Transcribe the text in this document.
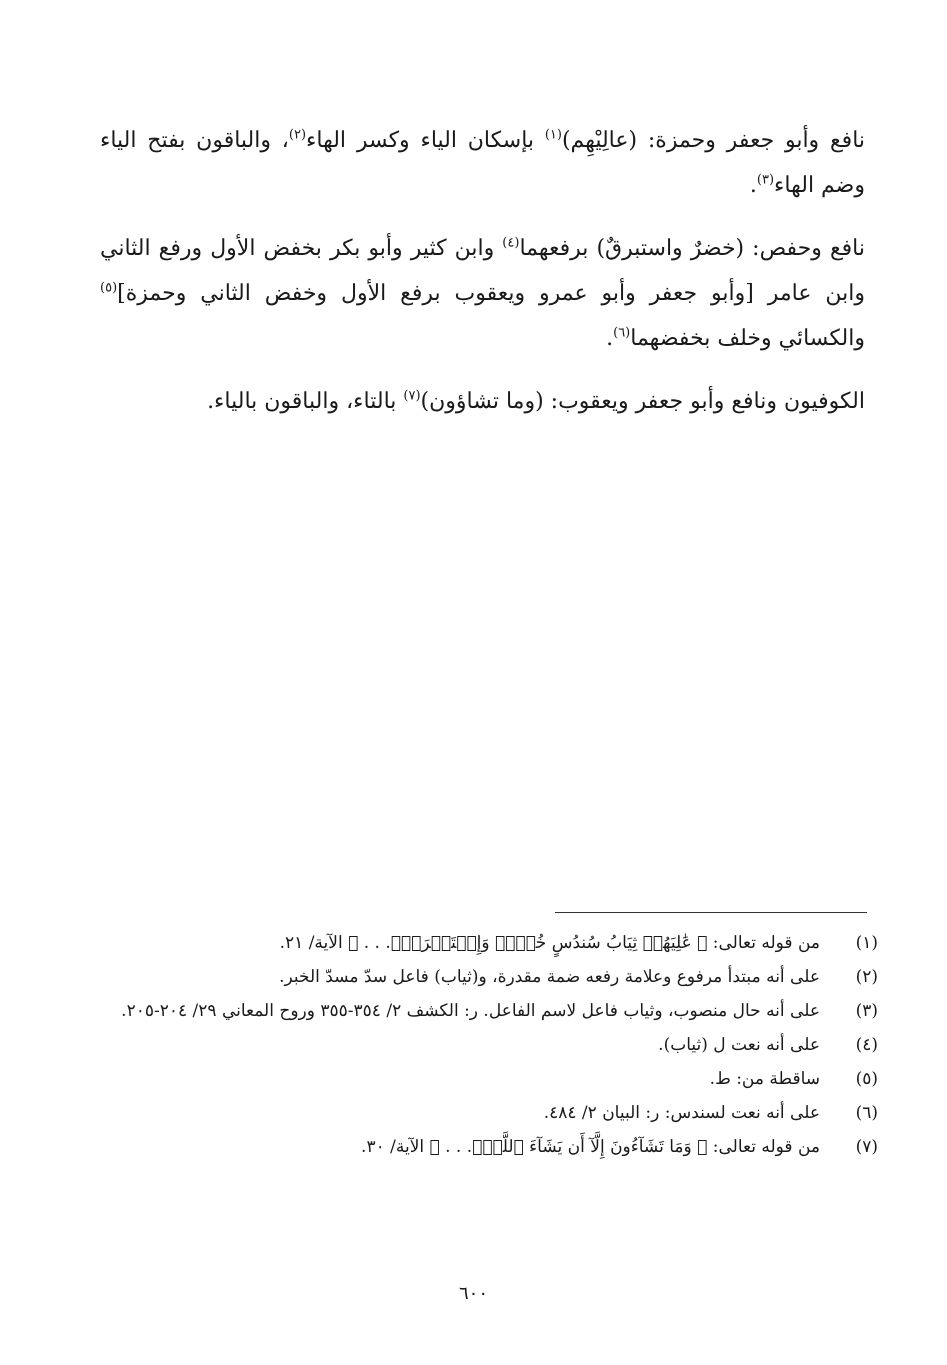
نافع وأبو جعفر وحمزة: (عالِيْهِم)$^{(١)}$ بإسكان الياء وكسر الهاء$^{(٢)}$، والباقون بفتح الياء وضم الهاء$^{(٣)}$.

نافع وحفص: (خضرٌ واستبرقٌ) برفعهما$^{(٤)}$ وابن كثير وأبو بكر بخفض الأول ورفع الثاني وابن عامر [وأبو جعفر وأبو عمرو ويعقوب برفع الأول وخفض الثاني وحمزة]$^{(٥)}$ والكسائي وخلف بخفضهما$^{(٦)}$.

الكوفيون ونافع وأبو جعفر ويعقوب: (وما تشاؤون)$^{(٧)}$ بالتاء، والباقون بالياء.

(١)
من قوله تعالى: ﴿ عَٰلِيَهُمۡ ثِيَابُ سُندُسٍ خُضۡرٞ وَإِسۡتَبۡرَقٞۖ. . . ﴾ الآية/ ٢١.
(٢)
على أنه مبتدأ مرفوع وعلامة رفعه ضمة مقدرة، و(ثياب) فاعل سدّ مسدّ الخبر.
(٣)
على أنه حال منصوب، وثياب فاعل لاسم الفاعل. ر: الكشف ٢/ ٣٥٤-٣٥٥ وروح المعاني ٢٩/ ٢٠٤-٢٠٥.
(٤)
على أنه نعت ل (ثياب).
(٥)
ساقطة من: ط.
(٦)
على أنه نعت لسندس: ر: البيان ٢/ ٤٨٤.
(٧)
من قوله تعالى: ﴿ وَمَا تَشَآءُونَ إِلَّآ أَن يَشَآءَ ٱللَّهُۚ. . . ﴾ الآية/ ٣٠.
٦٠٠
